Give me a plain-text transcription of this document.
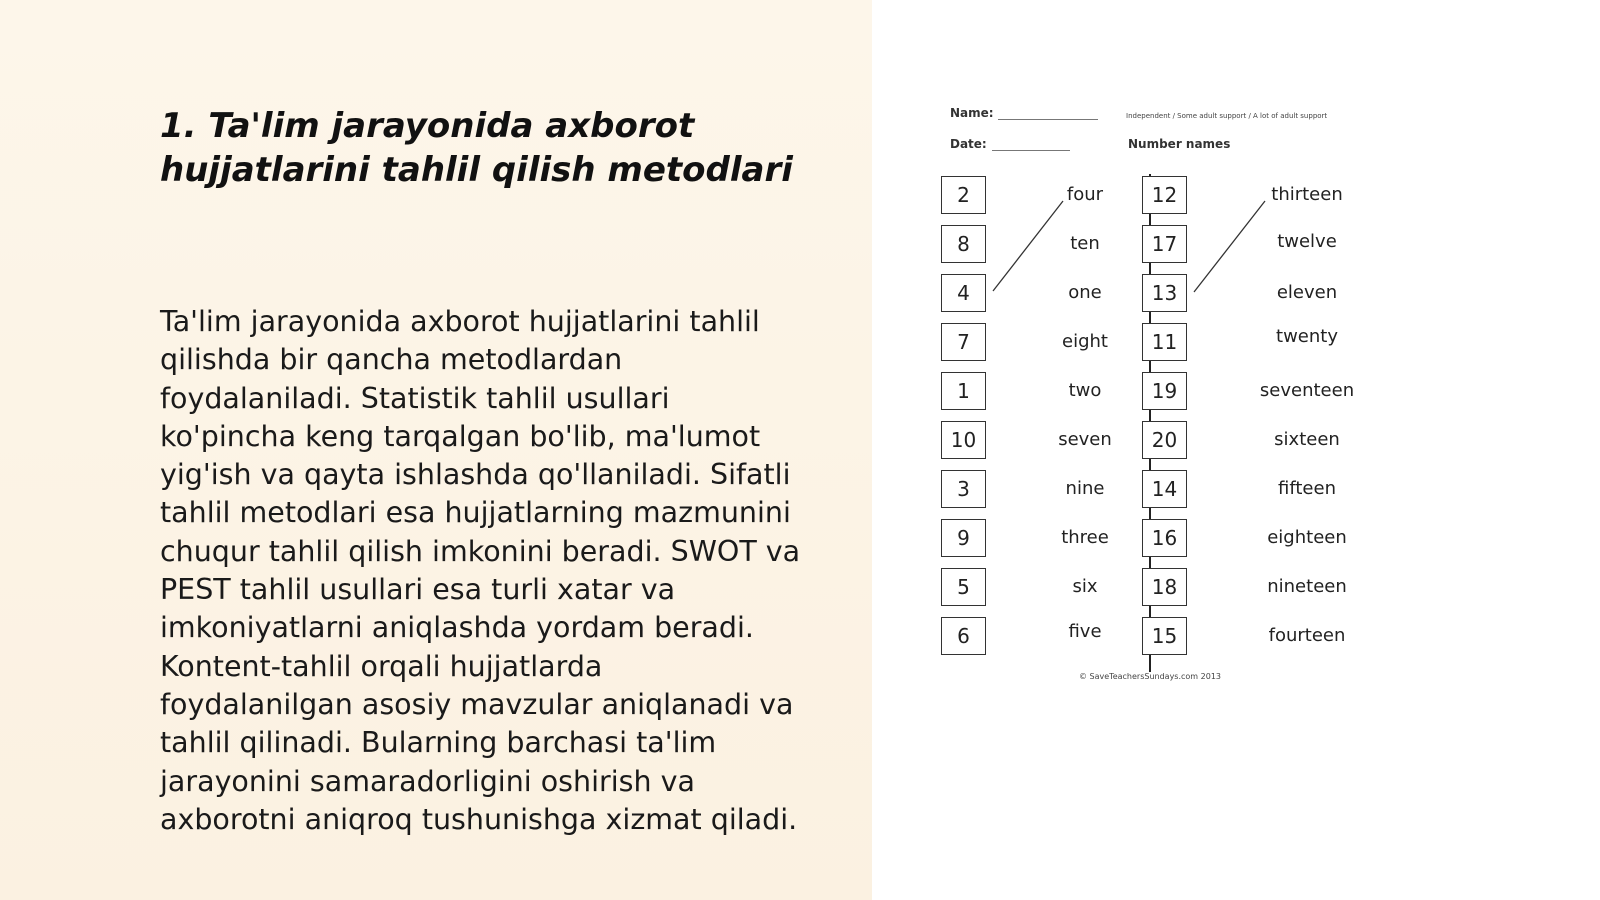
1. Ta'lim jarayonida axborot
hujjatlarini tahlil qilish metodlari

Ta'lim jarayonida axborot hujjatlarini tahlil
qilishda bir qancha metodlardan
foydalaniladi. Statistik tahlil usullari
ko'pincha keng tarqalgan bo'lib, ma'lumot
yig'ish va qayta ishlashda qo'llaniladi. Sifatli
tahlil metodlari esa hujjatlarning mazmunini
chuqur tahlil qilish imkonini beradi. SWOT va
PEST tahlil usullari esa turli xatar va
imkoniyatlarni aniqlashda yordam beradi.
Kontent-tahlil orqali hujjatlarda
foydalanilgan asosiy mavzular aniqlanadi va
tahlil qilinadi. Bularning barchasi ta'lim
jarayonini samaradorligini oshirish va
axborotni aniqroq tushunishga xizmat qiladi.

Name:	Independent / Some adult support / A lot of adult support
Date:	Number names
2	four	12	thirteen
8	ten	17	twelve
4	one	13	eleven
7	eight	11	twenty
1	two	19	seventeen
10	seven	20	sixteen
3	nine	14	fifteen
9	three	16	eighteen
5	six	18	nineteen
6	five	15	fourteen
© SaveTeachersSundays.com 2013
